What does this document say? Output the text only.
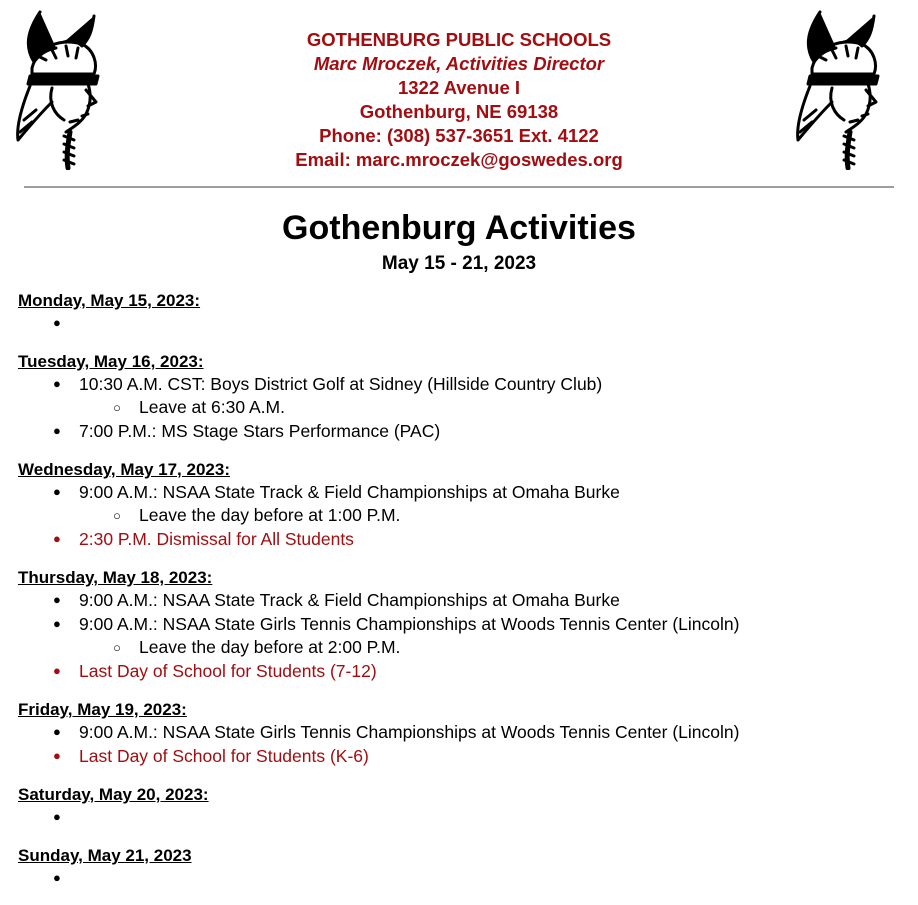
GOTHENBURG PUBLIC SCHOOLS
Marc Mroczek, Activities Director
1322 Avenue I
Gothenburg, NE 69138
Phone: (308) 537-3651 Ext. 4122
Email: marc.mroczek@goswedes.org
Gothenburg Activities
May 15 - 21, 2023
Monday, May 15, 2023:
●
Tuesday, May 16, 2023:
● 10:30 A.M. CST: Boys District Golf at Sidney (Hillside Country Club)
○ Leave at 6:30 A.M.
● 7:00 P.M.: MS Stage Stars Performance (PAC)
Wednesday, May 17, 2023:
● 9:00 A.M.: NSAA State Track & Field Championships at Omaha Burke
○ Leave the day before at 1:00 P.M.
● 2:30 P.M. Dismissal for All Students
Thursday, May 18, 2023:
● 9:00 A.M.: NSAA State Track & Field Championships at Omaha Burke
● 9:00 A.M.: NSAA State Girls Tennis Championships at Woods Tennis Center (Lincoln)
○ Leave the day before at 2:00 P.M.
● Last Day of School for Students (7-12)
Friday, May 19, 2023:
● 9:00 A.M.: NSAA State Girls Tennis Championships at Woods Tennis Center (Lincoln)
● Last Day of School for Students (K-6)
Saturday, May 20, 2023:
●
Sunday, May 21, 2023
●
